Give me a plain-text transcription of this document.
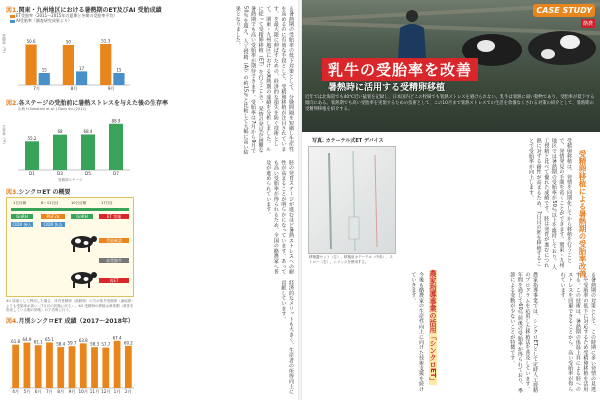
図1.関東・九州地区における暑熱期のET及びAI 受胎成績
ET受胎率（2011～2015年の夏期と冬期の受胎率平均）
AI受胎率（調査研究成果より）
50.6
15
7月
50
17
8月
51.3
15
9月
受胎率（%）
図2.各ステージの受胎前に暑熱ストレスを与えた後の生存率
出典 H.Sakatani et al. J.Daily Sci.(2012)
55.2
D1
68
D3
68.4
D5
88.9
D7
生存率（%）
受精卵ステージ
図3.シンクロET の概要
1日目朝	8～11日目	10日目朝	17日目
GnRH
CIDR 挿入
PGF2α
CIDR 抜去
GnRH	ET 実施
受胎確認
未受胎牛
再ET
※1 原液として利用した場合、体内受精卵（新鮮卵）の方が体外受精卵（凍結卵）よりも受胎率が高い（7日目の状態に戻る）。※2 受精卵の移植は黄体側（黄体を形成している側の卵巣）の子宮角に行う。
図4.月別シンクロET 成績（2017～2018年）
61.8
4月
64.9
5月
61.1
6月
65.1
7月
58.4
8月
59.7
9月
63.8
10月
58.3
11月
57.7
12月
67.4
1月
60.2
2月
る暑熱期の受胎率の低下対策として、分娩間隔を短縮し生産性を高めるのに有効な手段として、受精卵移植が注目されています。を最大限に伸ばすための、経済的な損失を防ぐ技術として、関東・九州地区における暑熱期の成績を分析しました。ルに従って受精卵移植（ET）を行うことで、発情の発見が困難な暑熱期でも高い受胎率が期待できます。受胎率は7月から9月で50％を超え、人工授精（AI）の約15％と比較して大幅に高い結果となりました。
胚の発育ステージが進むほど暑熱ストレスへの耐性が高まることが明らかになっています。あっても高い受胎率が得られるため、全国の酪農家へ普及が進められています。
経済的なメリットも大きく、生産者の所得向上に貢献しています。
CASE STUDY
酪農
乳牛の受胎率を改善
暑熱時に活用する受精卵移植
近年では北海道でも40℃近い猛暑を記録し、日本国内どこの牧場でも暑熱ストレスを避けられない。乳牛は暑熱に弱い動物であり、受胎率が低下する傾向にある。暑熱期でも高い受胎率を実現するための技術として、この10月まで暑熱ストレスでの生活を余儀なくされる対策の紹介として、暑熱期の受精卵移植を紹介する。
写真. カテーテル式ET デバイス
移植器セット（左）、移植用カテーテル（中央）、ストロー（右）。シリンジを使用する。	受精卵移植は、発情を同期化してから移植を行うことで、発情発見の手間を省くことができます。関東・九州地区では暑熱期の受胎率が50％以上を維持しており、人工授精と比べて優れた成績です。胚は発育が進むにつれ熱に対する耐性が高まるため、7日目の胚を移植することで受胎率が向上します。	受精卵移植による暑熱期の受胎率改善
る暑熱期の対策として、この時期に多い発情の見逃しや受胎率の低下に対応するため受精卵移植を活用する。この技術は、暑熱期の体温上昇による胚へのストレスを回避できることから、高い受胎率が得られています。
農家指導事業では、シンクロETとして定時人工授精のプログラムを応用した移植法を普及しています。年間を通じて60％前後の受胎率が得られており、季節による変動が少ないことが特徴です。
農家指導事業の活用「シンクロET」
今後も酪農家の生産性向上に向けた技術支援を続けていきます。
